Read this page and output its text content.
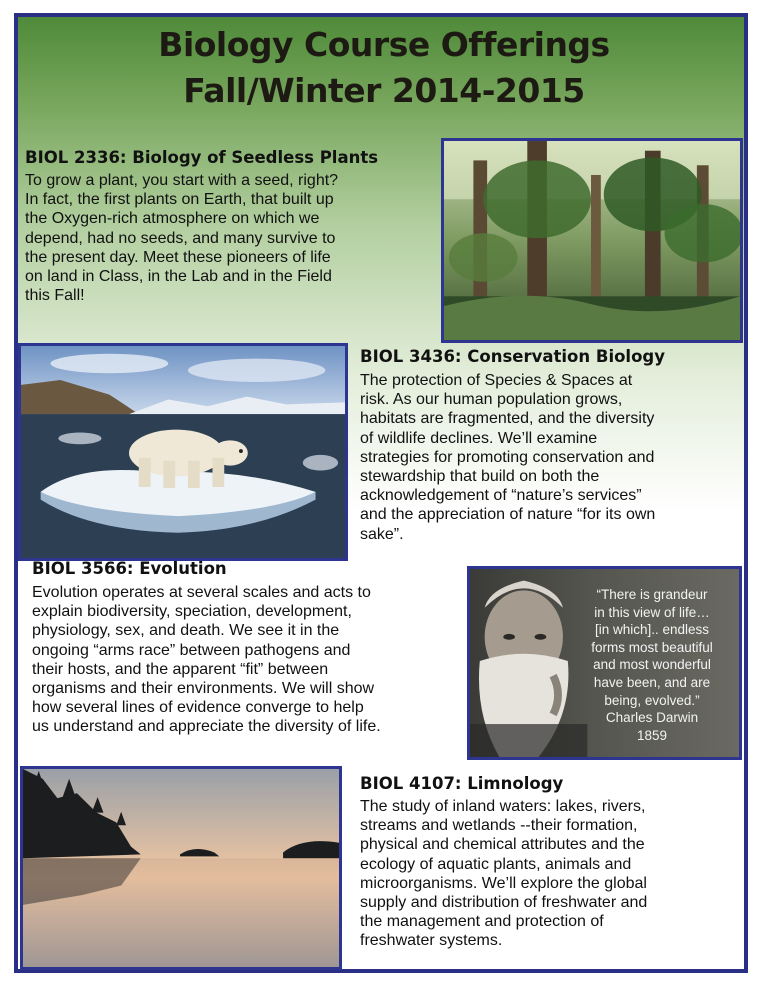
Biology Course Offerings
Fall/Winter 2014-2015
BIOL 2336: Biology of Seedless Plants
To grow a plant, you start with a seed, right?
In fact, the first plants on Earth, that built up
the Oxygen-rich atmosphere on which we
depend, had no seeds, and many survive to
the present day. Meet these pioneers of life
on land in Class, in the Lab and in the Field
this Fall!
BIOL 3436: Conservation Biology
The protection of Species & Spaces at
risk. As our human population grows,
habitats are fragmented, and the diversity
of wildlife declines. We’ll examine
strategies for promoting conservation and
stewardship that build on both the
acknowledgement of “nature’s services”
and the appreciation of nature “for its own
sake”.
BIOL 3566: Evolution
Evolution operates at several scales and acts to
explain biodiversity, speciation, development,
physiology, sex, and death. We see it in the
ongoing “arms race” between pathogens and
their hosts, and the apparent “fit” between
organisms and their environments. We will show
how several lines of evidence converge to help
us understand and appreciate the diversity of life.
“There is grandeur
in this view of life…
[in which].. endless
forms most beautiful
and most wonderful
have been, and are
being, evolved.”
Charles Darwin
1859
BIOL 4107: Limnology
The study of inland waters: lakes, rivers,
streams and wetlands --their formation,
physical and chemical attributes and the
ecology of aquatic plants, animals and
microorganisms. We’ll explore the global
supply and distribution of freshwater and
the management and protection of
freshwater systems.
